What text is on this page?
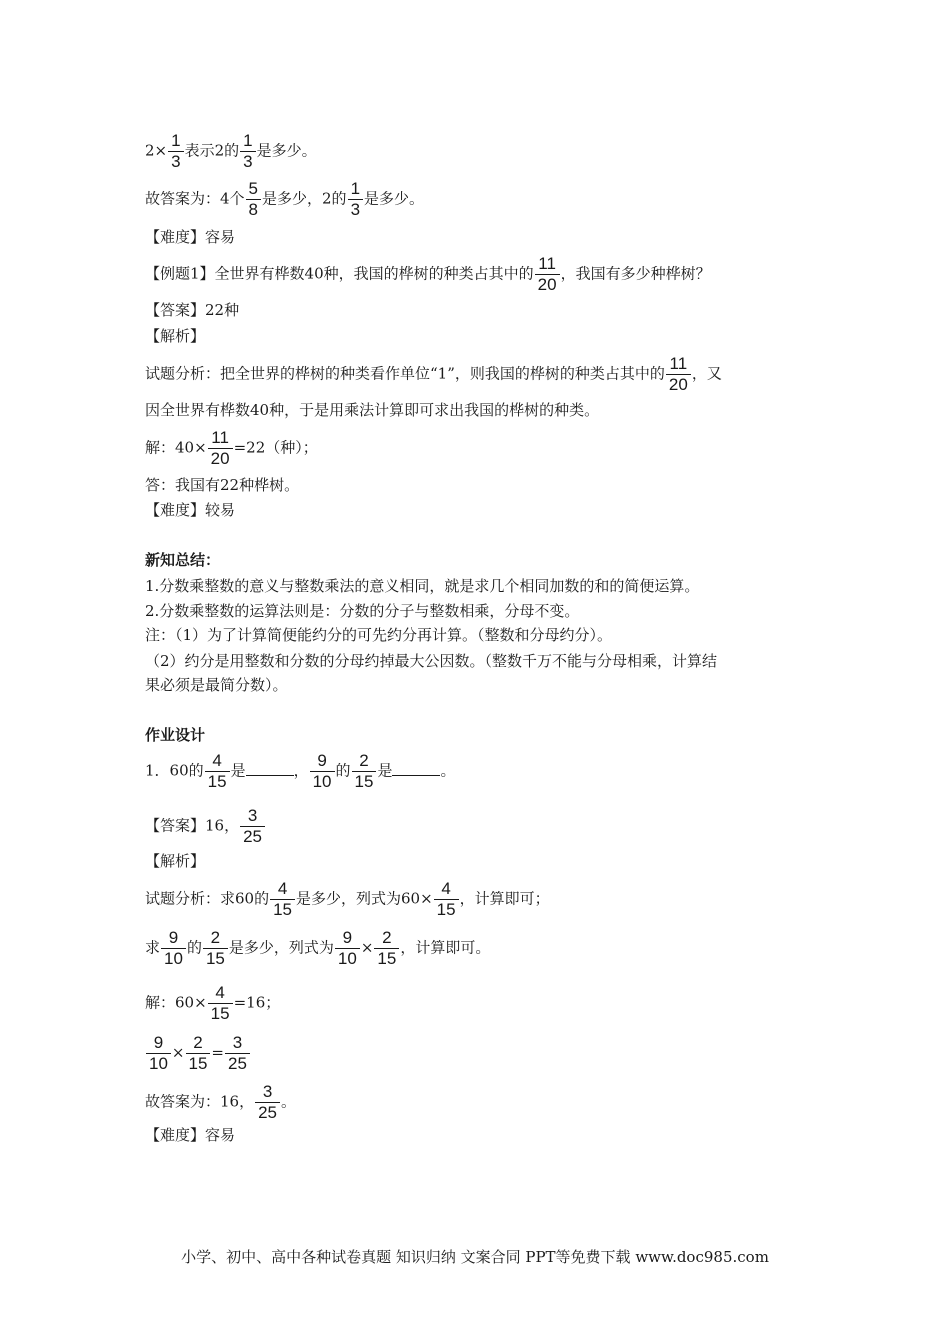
$2\times \frac{1}{3}$ 表示2的 $\frac{1}{3}$ 是多少。
故答案为：4个 $\frac{5}{8}$ 是多少，2的 $\frac{1}{3}$ 是多少。
【难度】容易
【例题1】全世界有桦数40种，我国的桦树的种类占其中的 $\frac{11}{20}$ ，我国有多少种桦树？
【答案】22种
【解析】
试题分析：把全世界的桦树的种类看作单位“1”，则我国的桦树的种类占其中的 $\frac{11}{20}$ ，又
因全世界有桦数40种，于是用乘法计算即可求出我国的桦树的种类。
解：$40\times \frac{11}{20} =22$（种）；
答：我国有22种桦树。
【难度】较易
新知总结：
1.分数乘整数的意义与整数乘法的意义相同，就是求几个相同加数的和的简便运算。
2.分数乘整数的运算法则是：分数的分子与整数相乘，分母不变。
注：（1）为了计算简便能约分的可先约分再计算。（整数和分母约分）。
（2）约分是用整数和分数的分母约掉最大公因数。（整数千万不能与分母相乘，计算结
果必须是最简分数）。
作业设计
1．60的 $\frac{4}{15}$ 是	， $\frac{9}{10}$ 的 $\frac{2}{15}$ 是	。
【答案】16， $\frac{3}{25}$
【解析】
试题分析：求60的 $\frac{4}{15}$ 是多少，列式为$60\times \frac{4}{15}$ ，计算即可；
求 $\frac{9}{10}$ 的 $\frac{2}{15}$ 是多少，列式为 $\frac{9}{10} \times \frac{2}{15}$ ，计算即可。
解：$60\times \frac{4}{15} =16$；
$\frac{9}{10} \times \frac{2}{15} = \frac{3}{25}$
故答案为：16， $\frac{3}{25}$ 。
【难度】容易
小学、初中、高中各种试卷真题 知识归纳 文案合同 PPT等免费下载 www.doc985.com
